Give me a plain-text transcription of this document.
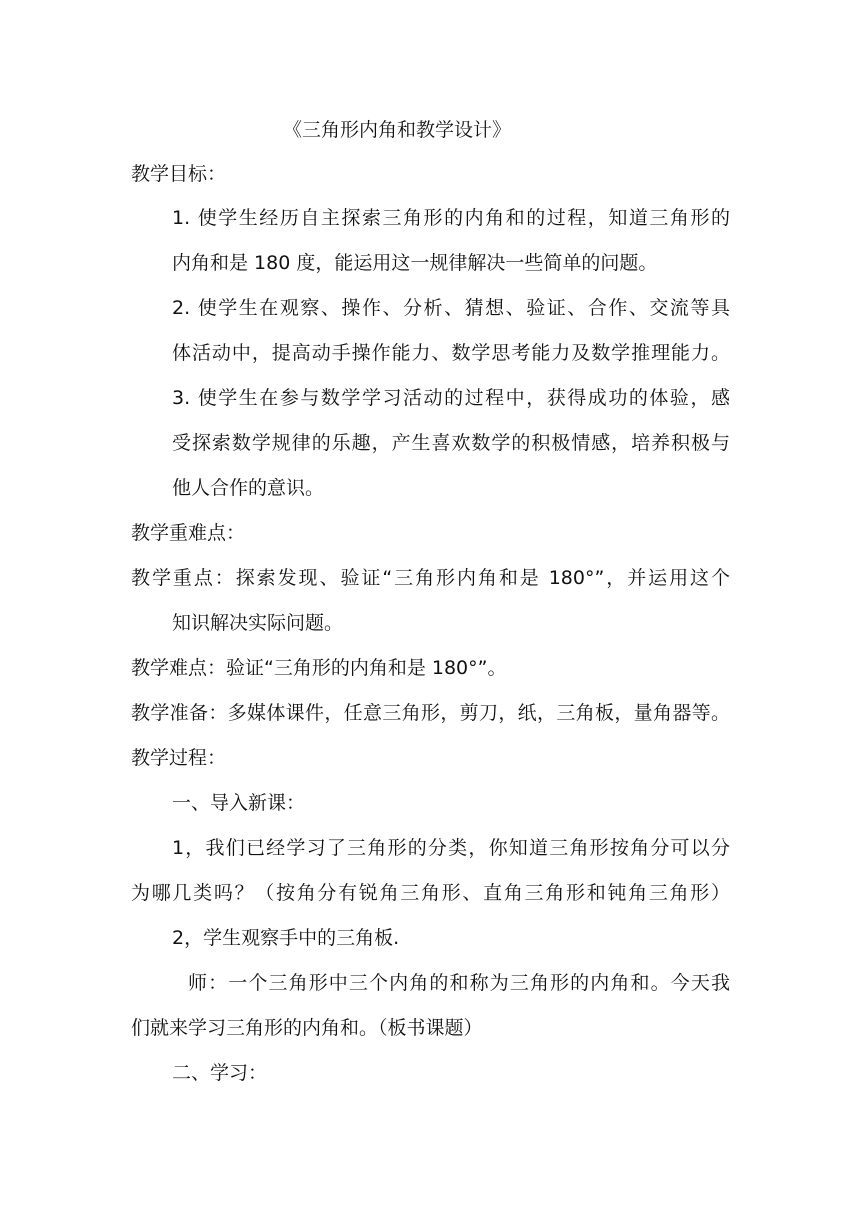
《三角形内角和教学设计》
教学目标：
1. 使学生经历自主探索三角形的内角和的过程，知道三角形的
内角和是 180 度，能运用这一规律解决一些简单的问题。
2. 使学生在观察、操作、分析、猜想、验证、合作、交流等具
体活动中，提高动手操作能力、数学思考能力及数学推理能力。
3. 使学生在参与数学学习活动的过程中，获得成功的体验，感
受探索数学规律的乐趣，产生喜欢数学的积极情感，培养积极与
他人合作的意识。
教学重难点：
教学重点：探索发现、验证“三角形内角和是 180°”，并运用这个
知识解决实际问题。
教学难点：验证“三角形的内角和是 180°”。
教学准备：多媒体课件，任意三角形，剪刀，纸，三角板，量角器等。
教学过程：
一、导入新课：
1，我们已经学习了三角形的分类，你知道三角形按角分可以分
为哪几类吗？（按角分有锐角三角形、直角三角形和钝角三角形）
2，学生观察手中的三角板.
师：一个三角形中三个内角的和称为三角形的内角和。今天我
们就来学习三角形的内角和。（板书课题）
二、学习：
